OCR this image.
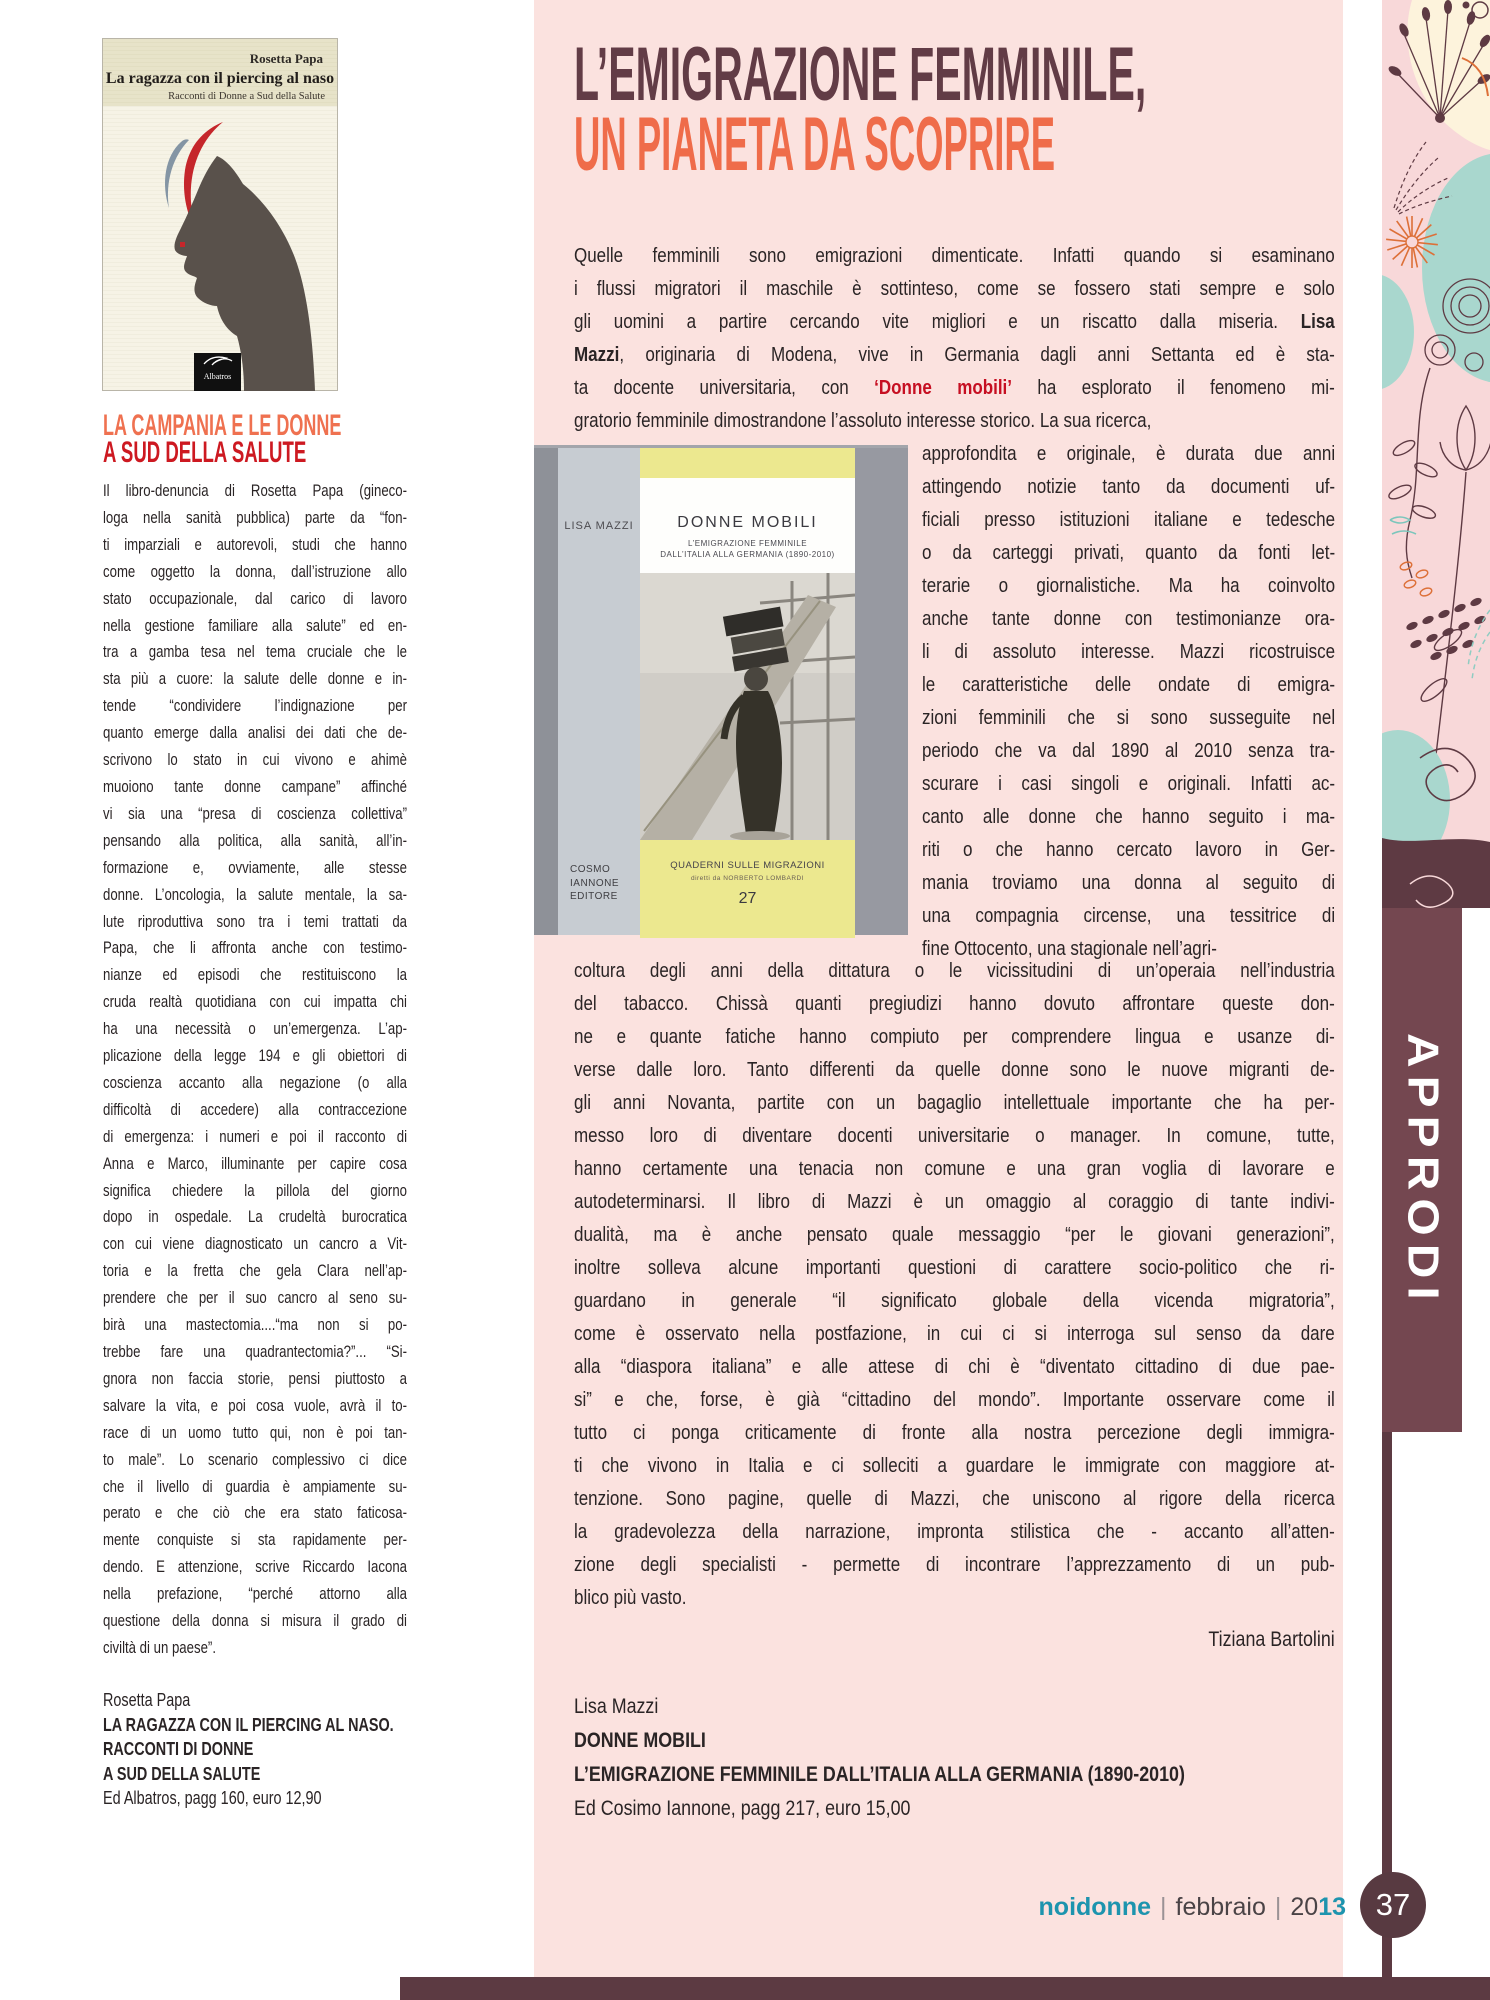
Rosetta Papa
La ragazza con il piercing al naso
Racconti di Donne a Sud della Salute
Albatros
LA CAMPANIA E LE DONNE
A SUD DELLA SALUTE
Il libro-denuncia di Rosetta Papa (gineco-
loga nella sanità pubblica) parte da “fon-
ti imparziali e autorevoli, studi che hanno
come oggetto la donna, dall’istruzione allo
stato occupazionale, dal carico di lavoro
nella gestione familiare alla salute” ed en-
tra a gamba tesa nel tema cruciale che le
sta più a cuore: la salute delle donne e in-
tende “condividere l’indignazione per
quanto emerge dalla analisi dei dati che de-
scrivono lo stato in cui vivono e ahimè
muoiono tante donne campane” affinché
vi sia una “presa di coscienza collettiva”
pensando alla politica, alla sanità, all’in-
formazione e, ovviamente, alle stesse
donne. L’oncologia, la salute mentale, la sa-
lute riproduttiva sono tra i temi trattati da
Papa, che li affronta anche con testimo-
nianze ed episodi che restituiscono la
cruda realtà quotidiana con cui impatta chi
ha una necessità o un’emergenza. L’ap-
plicazione della legge 194 e gli obiettori di
coscienza accanto alla negazione (o alla
difficoltà di accedere) alla contraccezione
di emergenza: i numeri e poi il racconto di
Anna e Marco, illuminante per capire cosa
significa chiedere la pillola del giorno
dopo in ospedale. La crudeltà burocratica
con cui viene diagnosticato un cancro a Vit-
toria e la fretta che gela Clara nell’ap-
prendere che per il suo cancro al seno su-
birà una mastectomia....“ma non si po-
trebbe fare una quadrantectomia?”... “Si-
gnora non faccia storie, pensi piuttosto a
salvare la vita, e poi cosa vuole, avrà il to-
race di un uomo tutto qui, non è poi tan-
to male”. Lo scenario complessivo ci dice
che il livello di guardia è ampiamente su-
perato e che ciò che era stato faticosa-
mente conquiste si sta rapidamente per-
dendo. E attenzione, scrive Riccardo Iacona
nella prefazione, “perché attorno alla
questione della donna si misura il grado di
civiltà di un paese”.
Rosetta Papa
LA RAGAZZA CON IL PIERCING AL NASO.
RACCONTI DI DONNE
A SUD DELLA SALUTE
Ed Albatros, pagg 160, euro 12,90
L’EMIGRAZIONE FEMMINILE,
UN PIANETA DA SCOPRIRE
Quelle femminili sono emigrazioni dimenticate. Infatti quando si esaminano
i flussi migratori il maschile è sottinteso, come se fossero stati sempre e solo
gli uomini a partire cercando vite migliori e un riscatto dalla miseria. Lisa
Mazzi, originaria di Modena, vive in Germania dagli anni Settanta ed è sta-
ta docente universitaria, con ‘Donne mobili’ ha esplorato il fenomeno mi-
gratorio femminile dimostrandone l’assoluto interesse storico. La sua ricerca,
DONNE MOBILI
L’EMIGRAZIONE FEMMINILE
DALL’ITALIA ALLA GERMANIA (1890-2010)
QUADERNI SULLE MIGRAZIONI
diretti da NORBERTO LOMBARDI
27
LISA MAZZI
COSMO
IANNONE
EDITORE
approfondita e originale, è durata due anni
attingendo notizie tanto da documenti uf-
ficiali presso istituzioni italiane e tedesche
o da carteggi privati, quanto da fonti let-
terarie o giornalistiche. Ma ha coinvolto
anche tante donne con testimonianze ora-
li di assoluto interesse. Mazzi ricostruisce
le caratteristiche delle ondate di emigra-
zioni femminili che si sono susseguite nel
periodo che va dal 1890 al 2010 senza tra-
scurare i casi singoli e originali. Infatti ac-
canto alle donne che hanno seguito i ma-
riti o che hanno cercato lavoro in Ger-
mania troviamo una donna al seguito di
una compagnia circense, una tessitrice di
fine Ottocento, una stagionale nell’agri-
coltura degli anni della dittatura o le vicissitudini di un’operaia nell’industria
del tabacco. Chissà quanti pregiudizi hanno dovuto affrontare queste don-
ne e quante fatiche hanno compiuto per comprendere lingua e usanze di-
verse dalle loro. Tanto differenti da quelle donne sono le nuove migranti de-
gli anni Novanta, partite con un bagaglio intellettuale importante che ha per-
messo loro di diventare docenti universitarie o manager. In comune, tutte,
hanno certamente una tenacia non comune e una gran voglia di lavorare e
autodeterminarsi. Il libro di Mazzi è un omaggio al coraggio di tante indivi-
dualità, ma è anche pensato quale messaggio “per le giovani generazioni”,
inoltre solleva alcune importanti questioni di carattere socio-politico che ri-
guardano in generale “il significato globale della vicenda migratoria”,
come è osservato nella postfazione, in cui ci si interroga sul senso da dare
alla “diaspora italiana” e alle attese di chi è “diventato cittadino di due pae-
si” e che, forse, è già “cittadino del mondo”. Importante osservare come il
tutto ci ponga criticamente di fronte alla nostra percezione degli immigra-
ti che vivono in Italia e ci solleciti a guardare le immigrate con maggiore at-
tenzione. Sono pagine, quelle di Mazzi, che uniscono al rigore della ricerca
la gradevolezza della narrazione, impronta stilistica che - accanto all’atten-
zione degli specialisti - permette di incontrare l’apprezzamento di un pub-
blico più vasto.
Tiziana Bartolini
Lisa Mazzi
DONNE MOBILI
L’EMIGRAZIONE FEMMINILE DALL’ITALIA ALLA GERMANIA (1890-2010)
Ed Cosimo Iannone, pagg 217, euro 15,00
APPRODI
noidonne | febbraio | 2013 37
